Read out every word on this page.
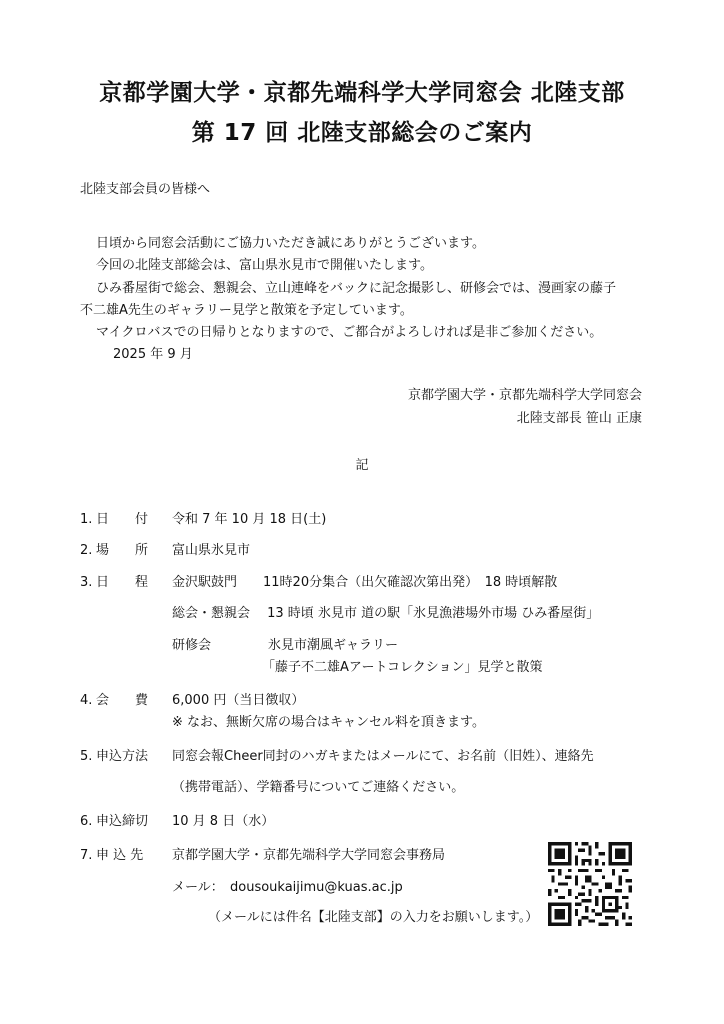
京都学園大学・京都先端科学大学同窓会 北陸支部
第 17 回 北陸支部総会のご案内
北陸支部会員の皆様へ
日頃から同窓会活動にご協力いただき誠にありがとうございます。
今回の北陸支部総会は、富山県氷見市で開催いたします。
ひみ番屋街で総会、懇親会、立山連峰をバックに記念撮影し、研修会では、漫画家の藤子
不二雄A先生のギャラリー見学と散策を予定しています。
マイクロバスでの日帰りとなりますので、ご都合がよろしければ是非ご参加ください。
2025 年 9 月
京都学園大学・京都先端科学大学同窓会
北陸支部長 笹山 正康
記
1. 日　　付 令和 7 年 10 月 18 日(土)
2. 場　　所 富山県氷見市
3. 日　　程 金沢駅鼓門　　11時20分集合（出欠確認次第出発）　18 時頃解散
総会・懇親会　 13 時頃 氷見市 道の駅「氷見漁港場外市場 ひみ番屋街」
研修会	氷見市潮風ギャラリー
「藤子不二雄Aアートコレクション」見学と散策
4. 会　　費 6,000 円（当日徴収）
※ なお、無断欠席の場合はキャンセル料を頂きます。
5. 申込方法 同窓会報Cheer同封のハガキまたはメールにて、お名前（旧姓）、連絡先
（携帯電話）、学籍番号についてご連絡ください。
6. 申込締切 10 月 8 日（水）
7. 申 込 先 京都学園大学・京都先端科学大学同窓会事務局
メール： dousoukaijimu@kuas.ac.jp
（メールには件名【北陸支部】の入力をお願いします。）
